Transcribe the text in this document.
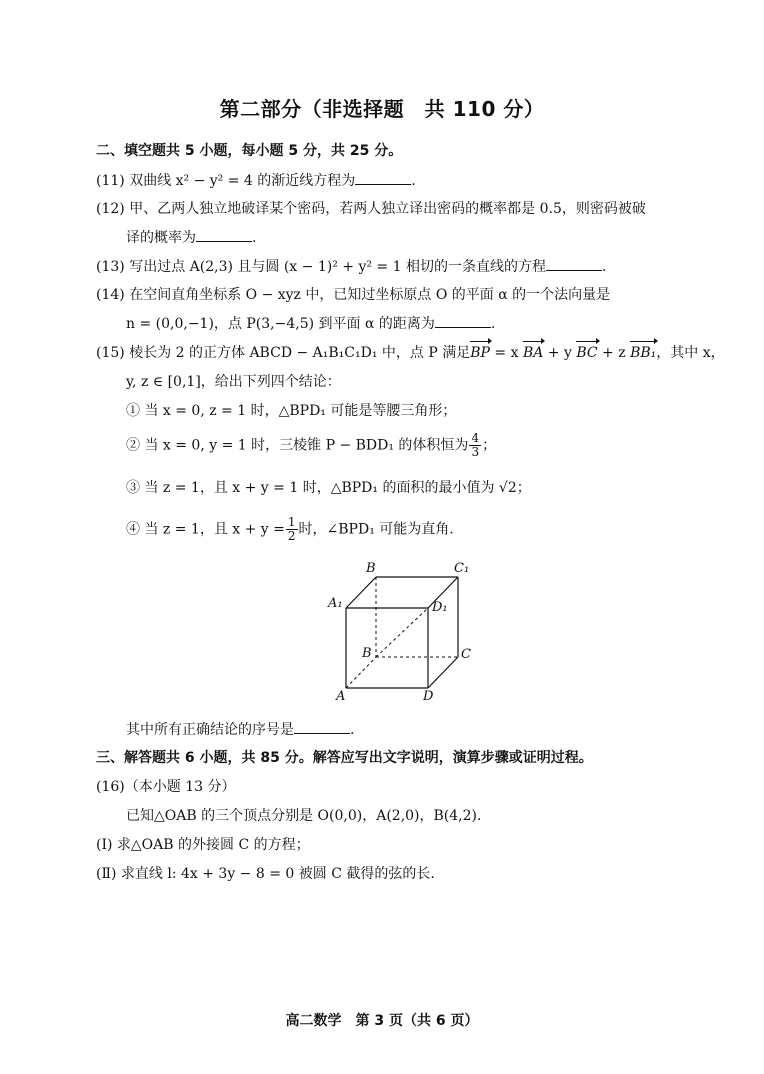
第二部分（非选择题　共 110 分）
二、填空题共 5 小题，每小题 5 分，共 25 分。
(11) 双曲线 x² − y² = 4 的渐近线方程为	.
(12) 甲、乙两人独立地破译某个密码，若两人独立译出密码的概率都是 0.5，则密码被破
译的概率为	.
(13) 写出过点 A(2,3) 且与圆 (x − 1)² + y² = 1 相切的一条直线的方程	.
(14) 在空间直角坐标系 O − xyz 中，已知过坐标原点 O 的平面 α 的一个法向量是
n = (0,0,−1)，点 P(3,−4,5) 到平面 α 的距离为	.
(15) 棱长为 2 的正方体 ABCD − A₁B₁C₁D₁ 中，点 P 满足BP = x BA + y BC + z BB₁，其中 x，
y, z ∈ [0,1]，给出下列四个结论：
① 当 x = 0, z = 1 时，△BPD₁ 可能是等腰三角形；
② 当 x = 0, y = 1 时，三棱锥 P − BDD₁ 的体积恒为 $\frac{4}{3}$ ；
③ 当 z = 1，且 x + y = 1 时，△BPD₁ 的面积的最小值为 √2；
④ 当 z = 1，且 $x + y = \frac{1}{2}$ 时，∠BPD₁ 可能为直角.
B	C₁
A₁	D₁
B	C
A	D
其中所有正确结论的序号是	.
三、解答题共 6 小题，共 85 分。解答应写出文字说明，演算步骤或证明过程。
(16)（本小题 13 分）
已知△OAB 的三个顶点分别是 O(0,0)，A(2,0)，B(4,2).
(Ⅰ) 求△OAB 的外接圆 C 的方程；
(Ⅱ) 求直线 l: 4x + 3y − 8 = 0 被圆 C 截得的弦的长.
高二数学　第 3 页（共 6 页）
